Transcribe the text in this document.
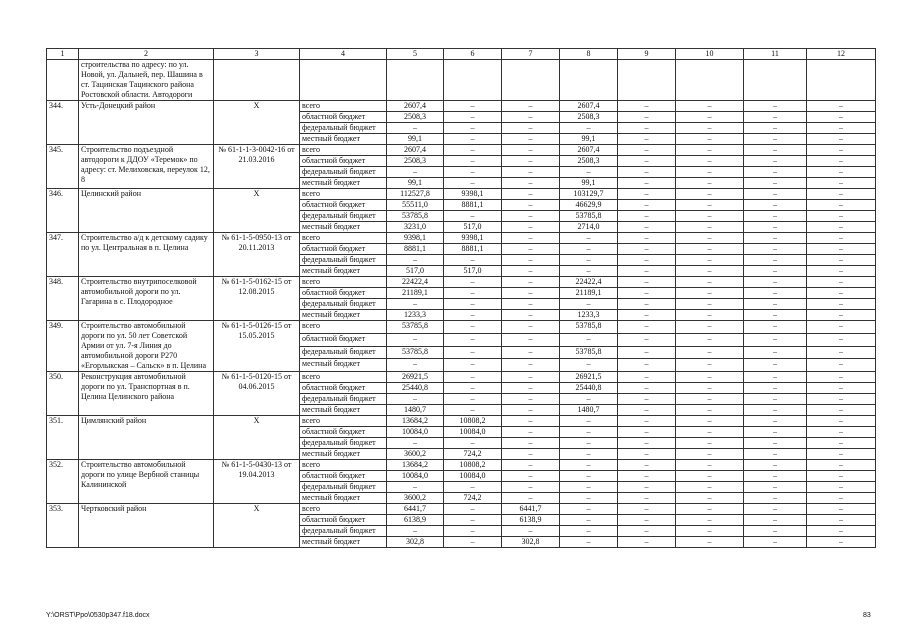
1	2	3	4	5	6	7	8	9	10	11	12
	строительства по адресу: по ул. Новой, ул. Дальней, пер. Шашина в ст. Тацинская Тацинского района Ростовской области. Автодороги										
344.	Усть-Донецкий район	X	всего	2607,4	–	–	2607,4	–	–	–	–
			областной бюджет	2508,3	–	–	2508,3	–	–	–	–
			федеральный бюджет	–	–	–	–	–	–	–	–
			местный бюджет	99,1	–	–	99,1	–	–	–	–
345.	Строительство подъездной автодороги к ДДОУ «Теремок» по адресу: ст. Мелиховская, переулок 12, 8	№ 61-1-1-3-0042-16 от 21.03.2016	всего	2607,4	–	–	2607,4	–	–	–	–
			областной бюджет	2508,3	–	–	2508,3	–	–	–	–
			федеральный бюджет	–	–	–	–	–	–	–	–
			местный бюджет	99,1	–	–	99,1	–	–	–	–
346.	Целинский район	X	всего	112527,8	9398,1	–	103129,7	–	–	–	–
			областной бюджет	55511,0	8881,1	–	46629,9	–	–	–	–
			федеральный бюджет	53785,8	–	–	53785,8	–	–	–	–
			местный бюджет	3231,0	517,0	–	2714,0	–	–	–	–
347.	Строительство а/д к детскому садику по ул. Центральная в п. Целина	№ 61-1-5-0950-13 от 20.11.2013	всего	9398,1	9398,1	–	–	–	–	–	–
			областной бюджет	8881,1	8881,1	–	–	–	–	–	–
			федеральный бюджет	–	–	–	–	–	–	–	–
			местный бюджет	517,0	517,0	–	–	–	–	–	–
348.	Строительство внутрипоселковой автомобильной дороги по ул. Гагарина в с. Плодородное	№ 61-1-5-0162-15 от 12.08.2015	всего	22422,4	–	–	22422,4	–	–	–	–
			областной бюджет	21189,1	–	–	21189,1	–	–	–	–
			федеральный бюджет	–	–	–	–	–	–	–	–
			местный бюджет	1233,3	–	–	1233,3	–	–	–	–
349.	Строительство автомобильной дороги по ул. 50 лет Советской Армии от ул. 7-я Линия до автомобильной дороги Р270 «Егорлыкская – Сальск» в п. Целина	№ 61-1-5-0126-15 от 15.05.2015	всего	53785,8	–	–	53785,8	–	–	–	–
			областной бюджет	–	–	–	–	–	–	–	–
			федеральный бюджет	53785,8	–	–	53785,8	–	–	–	–
			местный бюджет	–	–	–	–	–	–	–	–
350.	Реконструкция автомобильной дороги по ул. Транспортная в п. Целина Целинского района	№ 61-1-5-0120-15 от 04.06.2015	всего	26921,5	–	–	26921,5	–	–	–	–
			областной бюджет	25440,8	–	–	25440,8	–	–	–	–
			федеральный бюджет	–	–	–	–	–	–	–	–
			местный бюджет	1480,7	–	–	1480,7	–	–	–	–
351.	Цимлянский район	X	всего	13684,2	10808,2	–	–	–	–	–	–
			областной бюджет	10084,0	10084,0	–	–	–	–	–	–
			федеральный бюджет	–	–	–	–	–	–	–	–
			местный бюджет	3600,2	724,2	–	–	–	–	–	–
352.	Строительство автомобильной дороги по улице Вербной станицы Калининской	№ 61-1-5-0430-13 от 19.04.2013	всего	13684,2	10808,2	–	–	–	–	–	–
			областной бюджет	10084,0	10084,0	–	–	–	–	–	–
			федеральный бюджет	–	–	–	–	–	–	–	–
			местный бюджет	3600,2	724,2	–	–	–	–	–	–
353.	Чертковский район	X	всего	6441,7	–	6441,7	–	–	–	–	–
			областной бюджет	6138,9	–	6138,9	–	–	–	–	–
			федеральный бюджет	–	–	–	–	–	–	–	–
			местный бюджет	302,8	–	302,8	–	–	–	–	–
Y:\ORST\Ppo\0530p347.f18.docx	83
